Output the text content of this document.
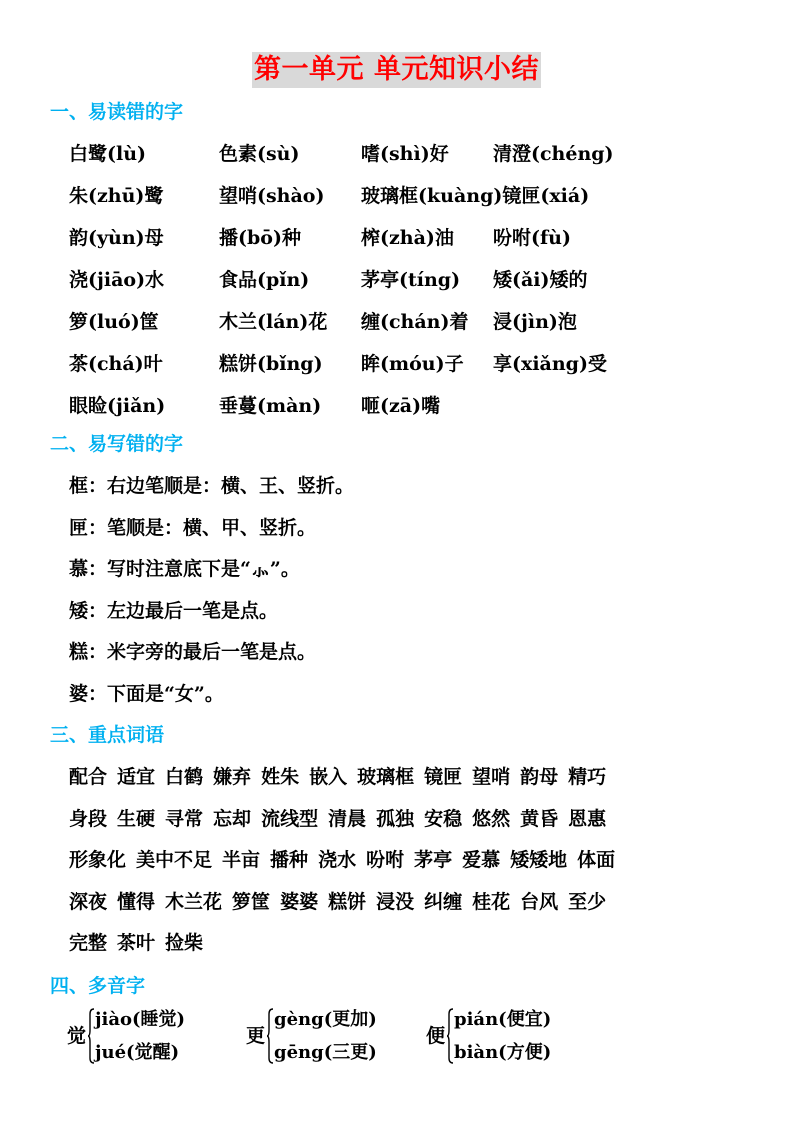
第一单元 单元知识小结
一、易读错的字
白鹭(lù)	色素(sù)	嗜(shì)好 清澄(chéng)
朱(zhū)鹭	望哨(shào) 玻璃框(kuàng)镜匣(xiá)
韵(yùn)母	播(bō)种	榨(zhà)油 吩咐(fù)
浇(jiāo)水	食品(pǐn)	茅亭(tíng) 矮(ǎi)矮的
箩(luó)筐	木兰(lán)花 缠(chán)着 浸(jìn)泡
茶(chá)叶	糕饼(bǐng) 眸(móu)子 享(xiǎng)受
眼睑(jiǎn)	垂蔓(màn) 咂(zā)嘴
二、易写错的字
框：右边笔顺是：横、王、竖折。
匣：笔顺是：横、甲、竖折。
慕：写时注意底下是“⺗”。
矮：左边最后一笔是点。
糕：米字旁的最后一笔是点。
婆：下面是“女”。
三、重点词语
配合 适宜 白鹤 嫌弃 姓朱 嵌入 玻璃框 镜匣 望哨 韵母 精巧
身段 生硬 寻常 忘却 流线型 清晨 孤独 安稳 悠然 黄昏 恩惠
形象化 美中不足 半亩 播种 浇水 吩咐 茅亭 爱慕 矮矮地 体面
深夜 懂得 木兰花 箩筐 婆婆 糕饼 浸没 纠缠 桂花 台风 至少
完整 茶叶 捡柴
四、多音字
觉
jiào(睡觉)
jué(觉醒)
更
gèng(更加)
gēng(三更)
便
pián(便宜)
biàn(方便)
